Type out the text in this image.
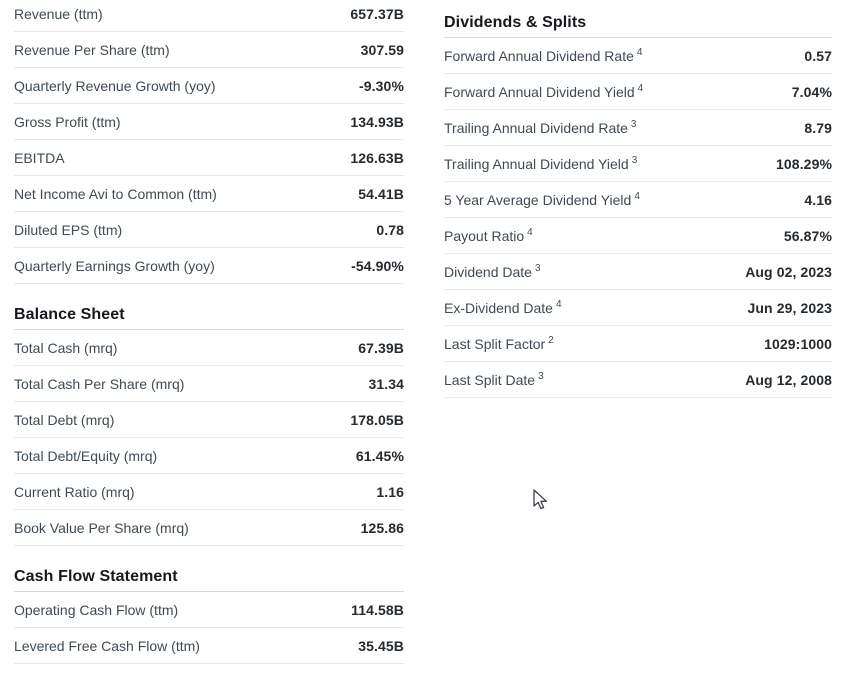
Revenue (ttm)	657.37B
Revenue Per Share (ttm)	307.59
Quarterly Revenue Growth (yoy)	-9.30%
Gross Profit (ttm)	134.93B
EBITDA	126.63B
Net Income Avi to Common (ttm)	54.41B
Diluted EPS (ttm)	0.78
Quarterly Earnings Growth (yoy)	-54.90%
Balance Sheet
Total Cash (mrq)	67.39B
Total Cash Per Share (mrq)	31.34
Total Debt (mrq)	178.05B
Total Debt/Equity (mrq)	61.45%
Current Ratio (mrq)	1.16
Book Value Per Share (mrq)	125.86
Cash Flow Statement
Operating Cash Flow (ttm)	114.58B
Levered Free Cash Flow (ttm)	35.45B
Dividends & Splits
Forward Annual Dividend Rate $^4$	0.57
Forward Annual Dividend Yield $^4$	7.04%
Trailing Annual Dividend Rate $^3$	8.79
Trailing Annual Dividend Yield $^3$	108.29%
5 Year Average Dividend Yield $^4$	4.16
Payout Ratio $^4$	56.87%
Dividend Date $^3$	Aug 02, 2023
Ex-Dividend Date $^4$	Jun 29, 2023
Last Split Factor $^2$	1029:1000
Last Split Date $^3$	Aug 12, 2008
